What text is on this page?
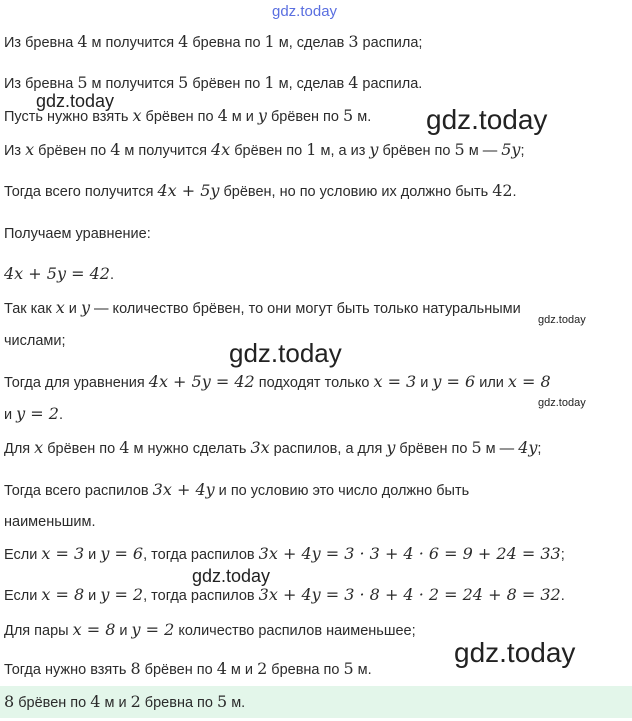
gdz.today
Из бревна 4 м получится 4 бревна по 1 м, сделав 3 распила;
Из бревна 5 м получится 5 брёвен по 1 м, сделав 4 распила.
gdz.today
Пусть нужно взять x брёвен по 4 м и y брёвен по 5 м. gdz.today
Из x брёвен по 4 м получится 4x брёвен по 1 м, а из y брёвен по 5 м — 5y;
Тогда всего получится 4x + 5y брёвен, но по условию их должно быть 42.
Получаем уравнение:
4x + 5y = 42.
Так как x и y — количество брёвен, то они могут быть только натуральными
gdz.today
числами;	gdz.today
Тогда для уравнения 4x + 5y = 42 подходят только x = 3 и y = 6 или x = 8
gdz.today
и y = 2.
Для x брёвен по 4 м нужно сделать 3x распилов, а для y брёвен по 5 м — 4y;
Тогда всего распилов 3x + 4y и по условию это число должно быть
наименьшим.
Если x = 3 и y = 6, тогда распилов 3x + 4y = 3 · 3 + 4 · 6 = 9 + 24 = 33;
gdz.today
Если x = 8 и y = 2, тогда распилов 3x + 4y = 3 · 8 + 4 · 2 = 24 + 8 = 32.
Для пары x = 8 и y = 2 количество распилов наименьшее;
gdz.today
Тогда нужно взять 8 брёвен по 4 м и 2 бревна по 5 м.
8 брёвен по 4 м и 2 бревна по 5 м.
